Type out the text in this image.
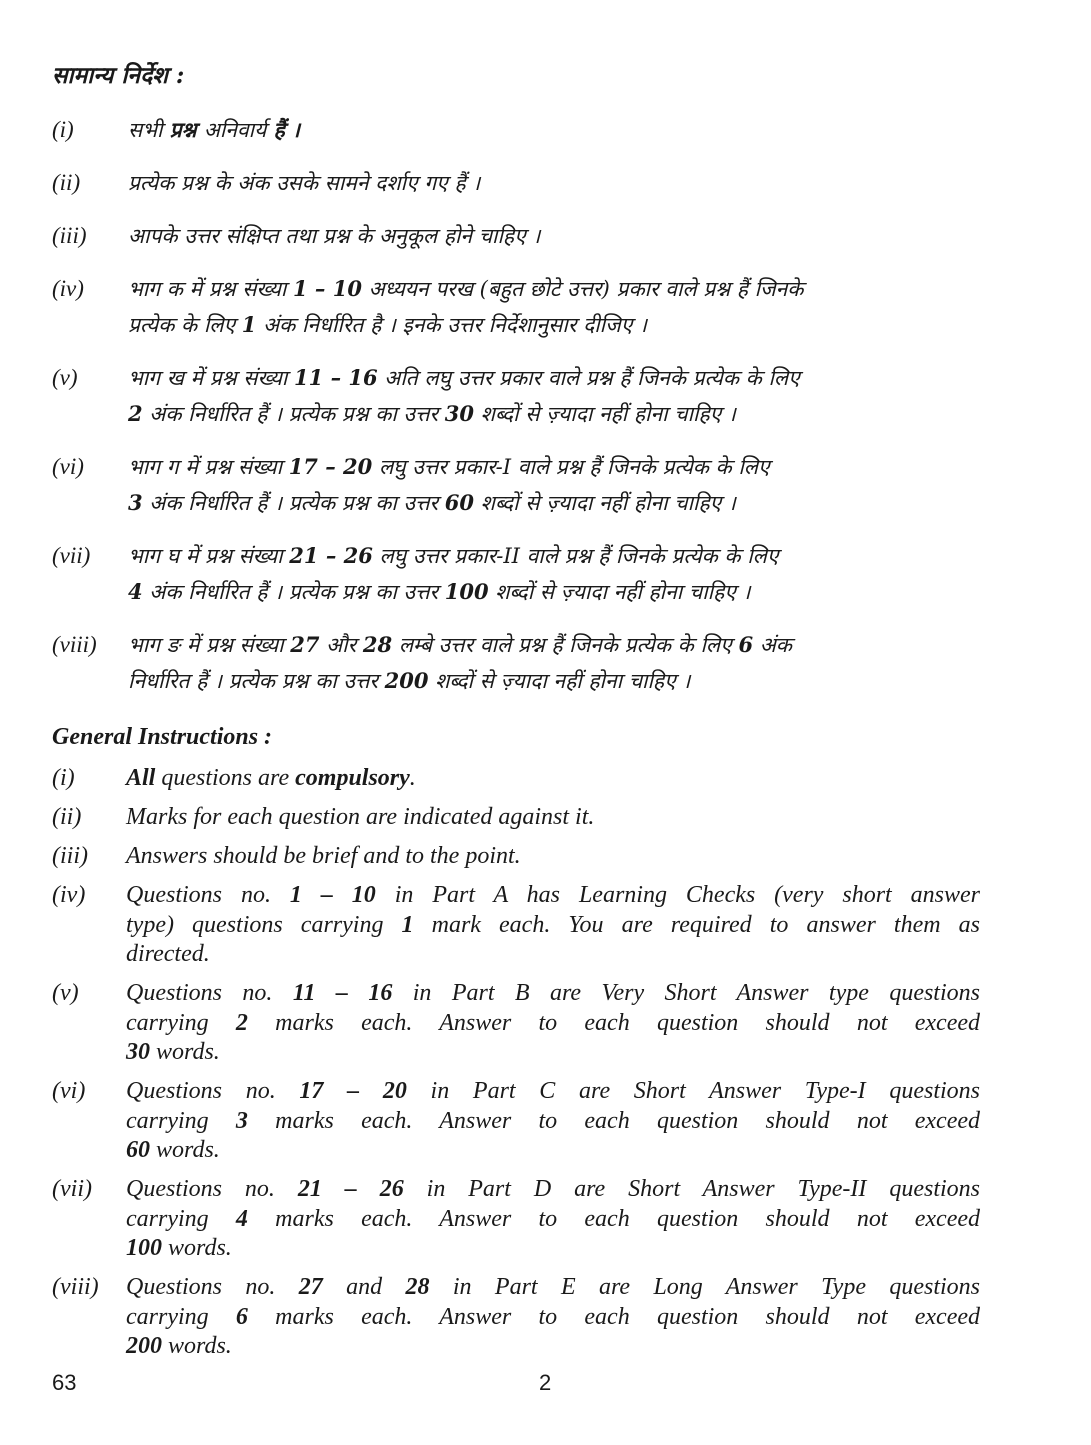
सामान्य निर्देश :
(i)	सभी प्रश्न अनिवार्य हैं ।
(ii)	प्रत्येक प्रश्न के अंक उसके सामने दर्शाए गए हैं ।
(iii)	आपके उत्तर संक्षिप्त तथा प्रश्न के अनुकूल होने चाहिए ।
(iv)	भाग क में प्रश्न संख्या 1 – 10 अध्ययन परख (बहुत छोटे उत्तर) प्रकार वाले प्रश्न हैं जिनके
प्रत्येक के लिए 1 अंक निर्धारित है । इनके उत्तर निर्देशानुसार दीजिए ।
(v)	भाग ख में प्रश्न संख्या 11 – 16 अति लघु उत्तर प्रकार वाले प्रश्न हैं जिनके प्रत्येक के लिए
2 अंक निर्धारित हैं । प्रत्येक प्रश्न का उत्तर 30 शब्दों से ज़्यादा नहीं होना चाहिए ।
(vi)	भाग ग में प्रश्न संख्या 17 – 20 लघु उत्तर प्रकार-I वाले प्रश्न हैं जिनके प्रत्येक के लिए
3 अंक निर्धारित हैं । प्रत्येक प्रश्न का उत्तर 60 शब्दों से ज़्यादा नहीं होना चाहिए ।
(vii)	भाग घ में प्रश्न संख्या 21 – 26 लघु उत्तर प्रकार-II वाले प्रश्न हैं जिनके प्रत्येक के लिए
4 अंक निर्धारित हैं । प्रत्येक प्रश्न का उत्तर 100 शब्दों से ज़्यादा नहीं होना चाहिए ।
(viii)	भाग ङ में प्रश्न संख्या 27 और 28 लम्बे उत्तर वाले प्रश्न हैं जिनके प्रत्येक के लिए 6 अंक
निर्धारित हैं । प्रत्येक प्रश्न का उत्तर 200 शब्दों से ज़्यादा नहीं होना चाहिए ।
General Instructions :
(i)	All questions are compulsory.
(ii)	Marks for each question are indicated against it.
(iii)	Answers should be brief and to the point.
(iv)	Questions no. 1 – 10 in Part A has Learning Checks (very short answer
type) questions carrying 1 mark each. You are required to answer them as
directed.
(v)	Questions no. 11 – 16 in Part B are Very Short Answer type questions
carrying 2 marks each. Answer to each question should not exceed
30 words.
(vi)	Questions no. 17 – 20 in Part C are Short Answer Type-I questions
carrying 3 marks each. Answer to each question should not exceed
60 words.
(vii)	Questions no. 21 – 26 in Part D are Short Answer Type-II questions
carrying 4 marks each. Answer to each question should not exceed
100 words.
(viii)	Questions no. 27 and 28 in Part E are Long Answer Type questions
carrying 6 marks each. Answer to each question should not exceed
200 words.
63	2
